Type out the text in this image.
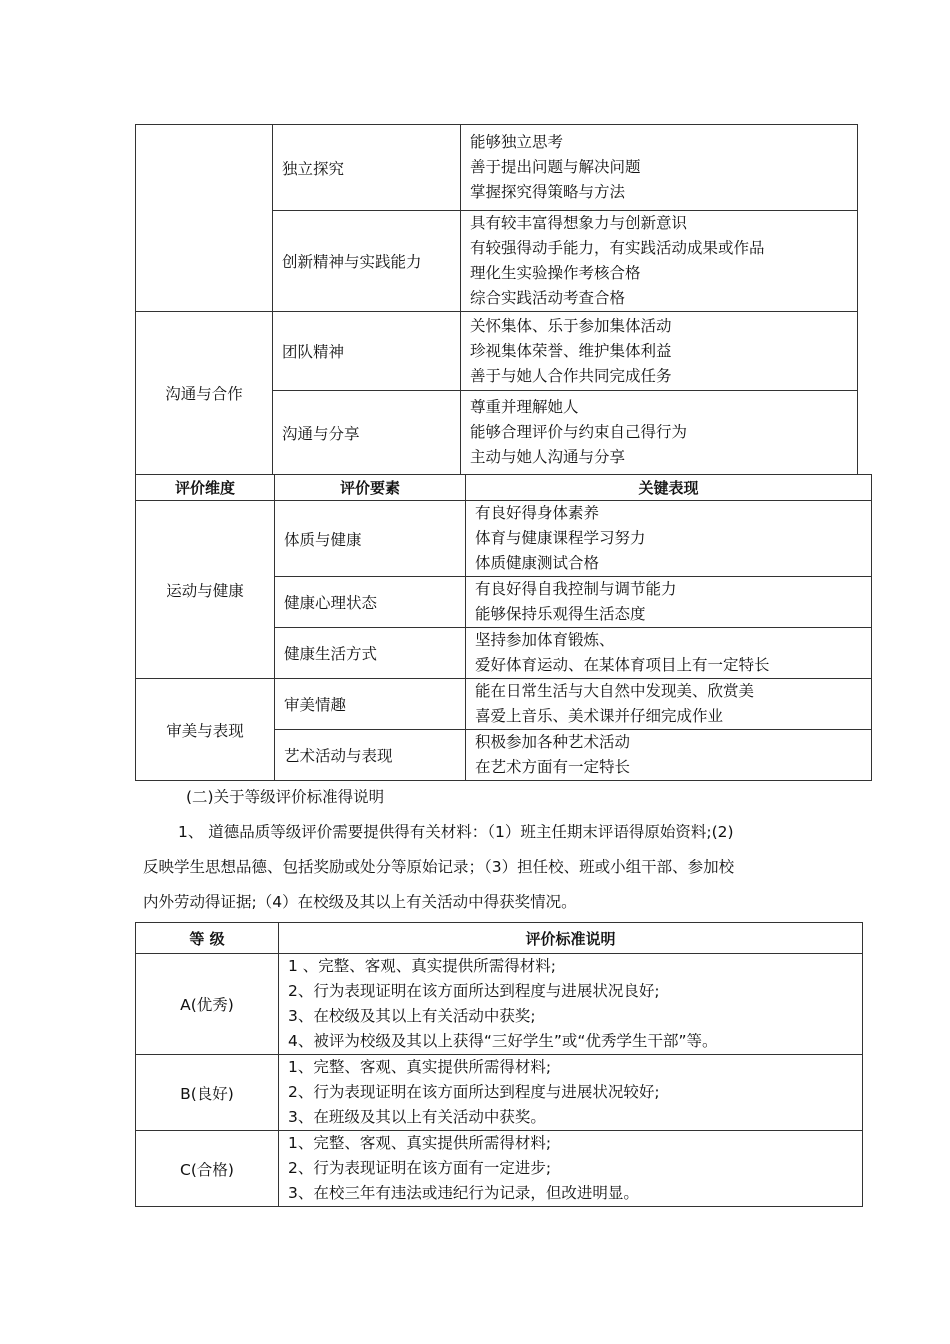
	独立探究	能够独立思考
善于提出问题与解决问题
掌握探究得策略与方法

	创新精神与实践能力	具有较丰富得想象力与创新意识
有较强得动手能力，有实践活动成果或作品
理化生实验操作考核合格
综合实践活动考查合格

沟通与合作	团队精神	关怀集体、乐于参加集体活动
珍视集体荣誉、维护集体利益
善于与她人合作共同完成任务

	沟通与分享	尊重并理解她人
能够合理评价与约束自己得行为
主动与她人沟通与分享
评价维度	评价要素	关键表现
运动与健康	体质与健康	有良好得身体素养
体育与健康课程学习努力
体质健康测试合格

	健康心理状态	有良好得自我控制与调节能力
能够保持乐观得生活态度

	健康生活方式	坚持参加体育锻炼、
爱好体育运动、在某体育项目上有一定特长

审美与表现	审美情趣	能在日常生活与大自然中发现美、欣赏美
喜爱上音乐、美术课并仔细完成作业

	艺术活动与表现	积极参加各种艺术活动
在艺术方面有一定特长
(二)关于等级评价标准得说明
1、 道德品质等级评价需要提供得有关材料：（1）班主任期末评语得原始资料;(2)
反映学生思想品德、包括奖励或处分等原始记录；（3）担任校、班或小组干部、参加校
内外劳动得证据;（4）在校级及其以上有关活动中得获奖情况。
等 级	评价标准说明
A(优秀)	1 、完整、客观、真实提供所需得材料;
2、行为表现证明在该方面所达到程度与进展状况良好;
3、在校级及其以上有关活动中获奖;
4、被评为校级及其以上获得“三好学生”或“优秀学生干部”等。

B(良好)	1、完整、客观、真实提供所需得材料;
2、行为表现证明在该方面所达到程度与进展状况较好;
3、在班级及其以上有关活动中获奖。

C(合格)	1、完整、客观、真实提供所需得材料;
2、行为表现证明在该方面有一定进步;
3、在校三年有违法或违纪行为记录，但改进明显。
